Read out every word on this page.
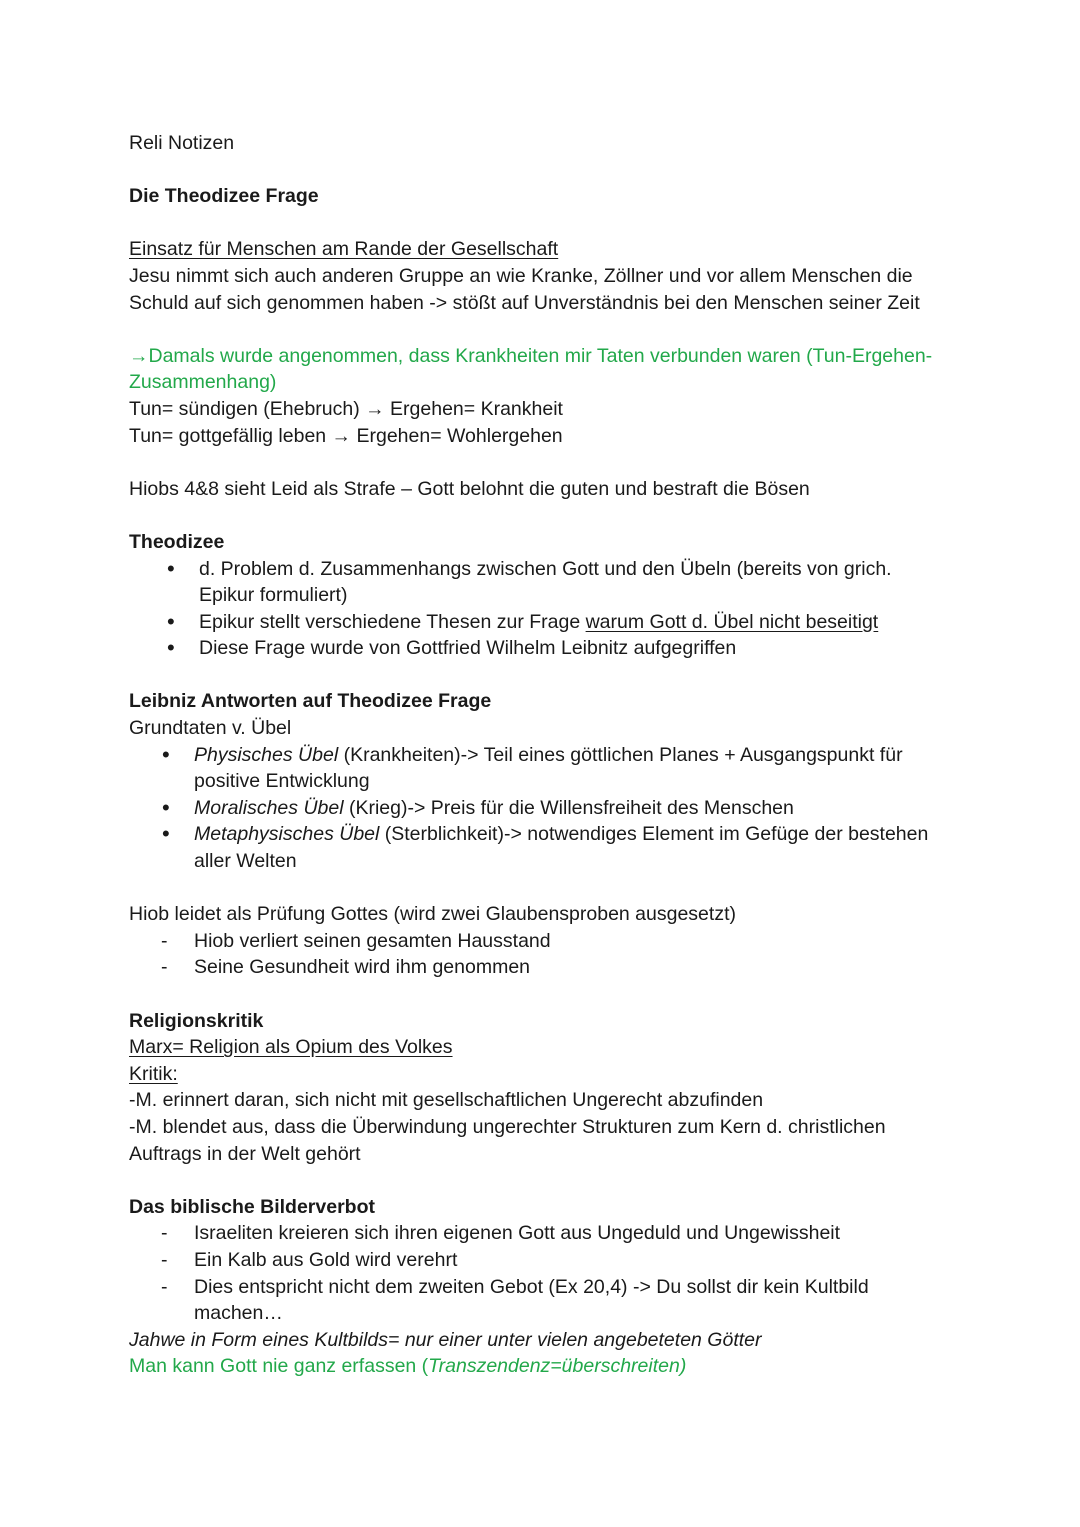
Reli Notizen

Die Theodizee Frage

Einsatz für Menschen am Rande der Gesellschaft

Jesu nimmt sich auch anderen Gruppe an wie Kranke, Zöllner und vor allem Menschen die

Schuld auf sich genommen haben -> stößt auf Unverständnis bei den Menschen seiner Zeit

→Damals wurde angenommen, dass Krankheiten mir Taten verbunden waren (Tun-Ergehen-

Zusammenhang)

Tun= sündigen (Ehebruch) → Ergehen= Krankheit

Tun= gottgefällig leben → Ergehen= Wohlergehen

Hiobs 4&8 sieht Leid als Strafe – Gott belohnt die guten und bestraft die Bösen

Theodizee

• d. Problem d. Zusammenhangs zwischen Gott und den Übeln (bereits von grich.
Epikur formuliert)
• Epikur stellt verschiedene Thesen zur Frage warum Gott d. Übel nicht beseitigt
• Diese Frage wurde von Gottfried Wilhelm Leibnitz aufgegriffen

Leibniz Antworten auf Theodizee Frage

Grundtaten v. Übel

• Physisches Übel (Krankheiten)-> Teil eines göttlichen Planes + Ausgangspunkt für
positive Entwicklung
• Moralisches Übel (Krieg)-> Preis für die Willensfreiheit des Menschen
• Metaphysisches Übel (Sterblichkeit)-> notwendiges Element im Gefüge der bestehen
aller Welten

Hiob leidet als Prüfung Gottes (wird zwei Glaubensproben ausgesetzt)

- Hiob verliert seinen gesamten Hausstand
- Seine Gesundheit wird ihm genommen

Religionskritik

Marx= Religion als Opium des Volkes

Kritik:

-M. erinnert daran, sich nicht mit gesellschaftlichen Ungerecht abzufinden

-M. blendet aus, dass die Überwindung ungerechter Strukturen zum Kern d. christlichen

Auftrags in der Welt gehört

Das biblische Bilderverbot

- Israeliten kreieren sich ihren eigenen Gott aus Ungeduld und Ungewissheit
- Ein Kalb aus Gold wird verehrt
- Dies entspricht nicht dem zweiten Gebot (Ex 20,4) -> Du sollst dir kein Kultbild
machen…

Jahwe in Form eines Kultbilds= nur einer unter vielen angebeteten Götter

Man kann Gott nie ganz erfassen (Transzendenz=überschreiten)
